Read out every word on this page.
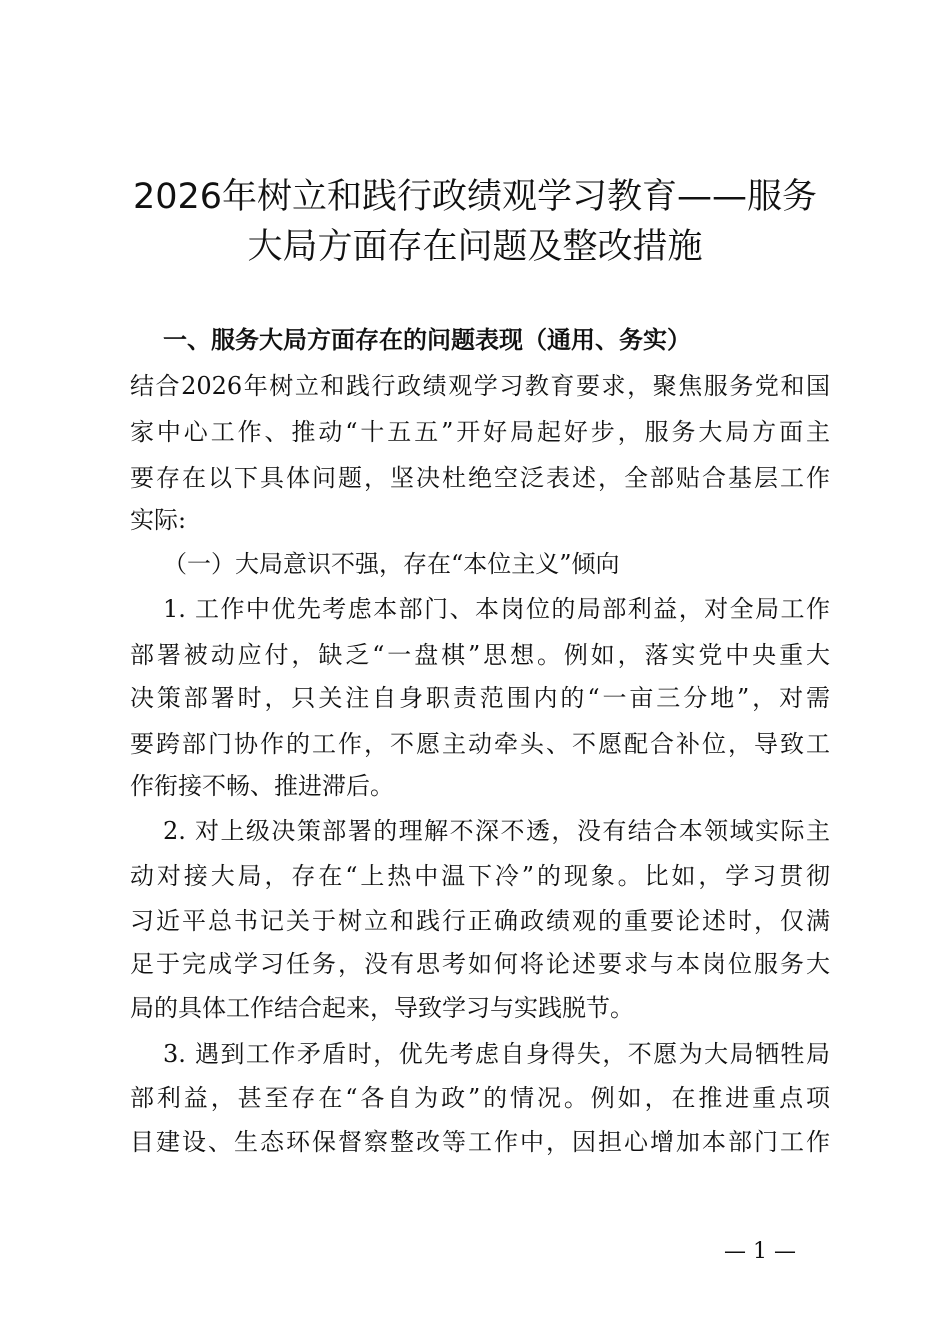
2026年树立和践行政绩观学习教育——服务
大局方面存在问题及整改措施
一、服务大局方面存在的问题表现（通用、务实）
结合2026年树立和践行政绩观学习教育要求，聚焦服务党和国
家中心工作、推动“十五五”开好局起好步，服务大局方面主
要存在以下具体问题，坚决杜绝空泛表述，全部贴合基层工作
实际:
（一）大局意识不强，存在“本位主义”倾向
1. 工作中优先考虑本部门、本岗位的局部利益，对全局工作
部署被动应付，缺乏“一盘棋”思想。例如，落实党中央重大
决策部署时，只关注自身职责范围内的“一亩三分地”，对需
要跨部门协作的工作，不愿主动牵头、不愿配合补位，导致工
作衔接不畅、推进滞后。
2. 对上级决策部署的理解不深不透，没有结合本领域实际主
动对接大局，存在“上热中温下冷”的现象。比如，学习贯彻
习近平总书记关于树立和践行正确政绩观的重要论述时，仅满
足于完成学习任务，没有思考如何将论述要求与本岗位服务大
局的具体工作结合起来，导致学习与实践脱节。
3. 遇到工作矛盾时，优先考虑自身得失，不愿为大局牺牲局
部利益，甚至存在“各自为政”的情况。例如，在推进重点项
目建设、生态环保督察整改等工作中，因担心增加本部门工作
— 1 —
